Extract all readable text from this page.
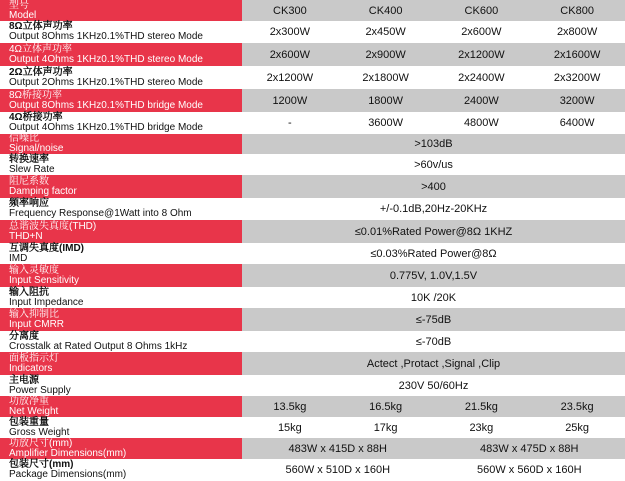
型号
Model	CK300	CK400	CK600	CK800
8Ω立体声功率
Output 8Ohms 1KHz0.1%THD stereo Mode	2x300W	2x450W	2x600W	2x800W
4Ω立体声功率
Output 4Ohms 1KHz0.1%THD stereo Mode	2x600W	2x900W	2x1200W	2x1600W
2Ω立体声功率
Output 2Ohms 1KHz0.1%THD stereo Mode	2x1200W	2x1800W	2x2400W	2x3200W
8Ω桥接功率
Output 8Ohms 1KHz0.1%THD bridge Mode	1200W	1800W	2400W	3200W
4Ω桥接功率
Output 4Ohms 1KHz0.1%THD bridge Mode	-	3600W	4800W	6400W
信噪比
Signal/noise	>103dB
转换速率
Slew Rate	>60v/us
阻尼系数
Damping factor	>400
频率响应
Frequency Response@1Watt into 8 Ohm	+/-0.1dB,20Hz-20KHz
总谐波失真度(THD)
THD+N	≤0.01%Rated Power@8Ω 1KHZ
互调失真度(IMD)
IMD	≤0.03%Rated Power@8Ω
输入灵敏度
Input Sensitivity	0.775V, 1.0V,1.5V
输入阻抗
Input Impedance	10K /20K
输入抑制比
Input CMRR	≤-75dB
分离度
Crosstalk at Rated Output 8 Ohms 1kHz	≤-70dB
面板指示灯
Indicators	Actect ,Protact ,Signal ,Clip
主电源
Power Supply	230V 50/60Hz
功放净重
Net Weight	13.5kg	16.5kg	21.5kg	23.5kg
包装重量
Gross Weight	15kg	17kg	23kg	25kg
功放尺寸(mm)
Amplifier Dimensions(mm)	483W x 415D x 88H	483W x 475D x 88H
包装尺寸(mm)
Package Dimensions(mm)	560W x 510D x 160H	560W x 560D x 160H
